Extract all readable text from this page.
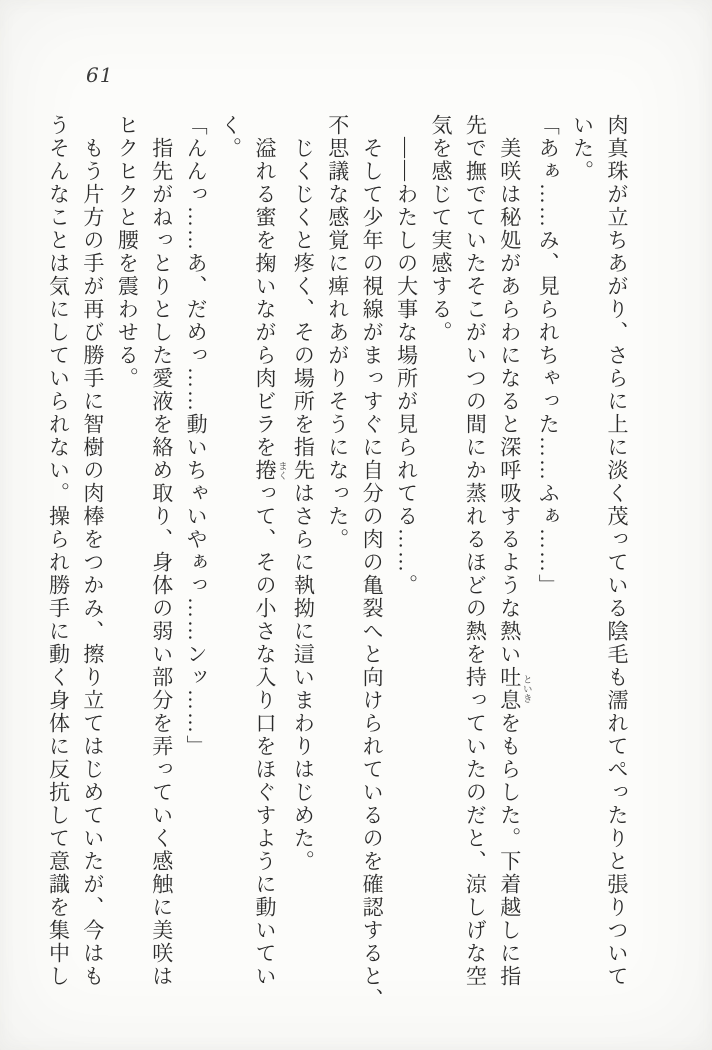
61
肉真珠が立ちあがり、さらに上に淡く茂っている陰毛も濡れてぺったりと張りついて
いた。
「あぁ……み、見られちゃった……ふぁ……」
美咲は秘処があらわになると深呼吸するような熱い吐息 といきをもらした。下着越しに指
先で撫でていたそこがいつの間にか蒸れるほどの熱を持っていたのだと、涼しげな空
気を感じて実感する。
――わたしの大事な場所が見られてる……。
そして少年の視線がまっすぐに自分の肉の亀裂へと向けられているのを確認すると、
不思議な感覚に痺れあがりそうになった。
じくじくと疼く、その場所を指先はさらに執拗に這いまわりはじめた。
溢れる蜜を掬いながら肉ビラを捲 まくって、その小さな入り口をほぐすように動いてい
く。
「んんっ……あ、だめっ……動いちゃいやぁっ……ンッ……」
指先がねっとりとした愛液を絡め取り、身体の弱い部分を弄っていく感触に美咲は
ヒクヒクと腰を震わせる。
もう片方の手が再び勝手に智樹の肉棒をつかみ、擦り立てはじめていたが、今はも
うそんなことは気にしていられない。操られ勝手に動く身体に反抗して意識を集中し
